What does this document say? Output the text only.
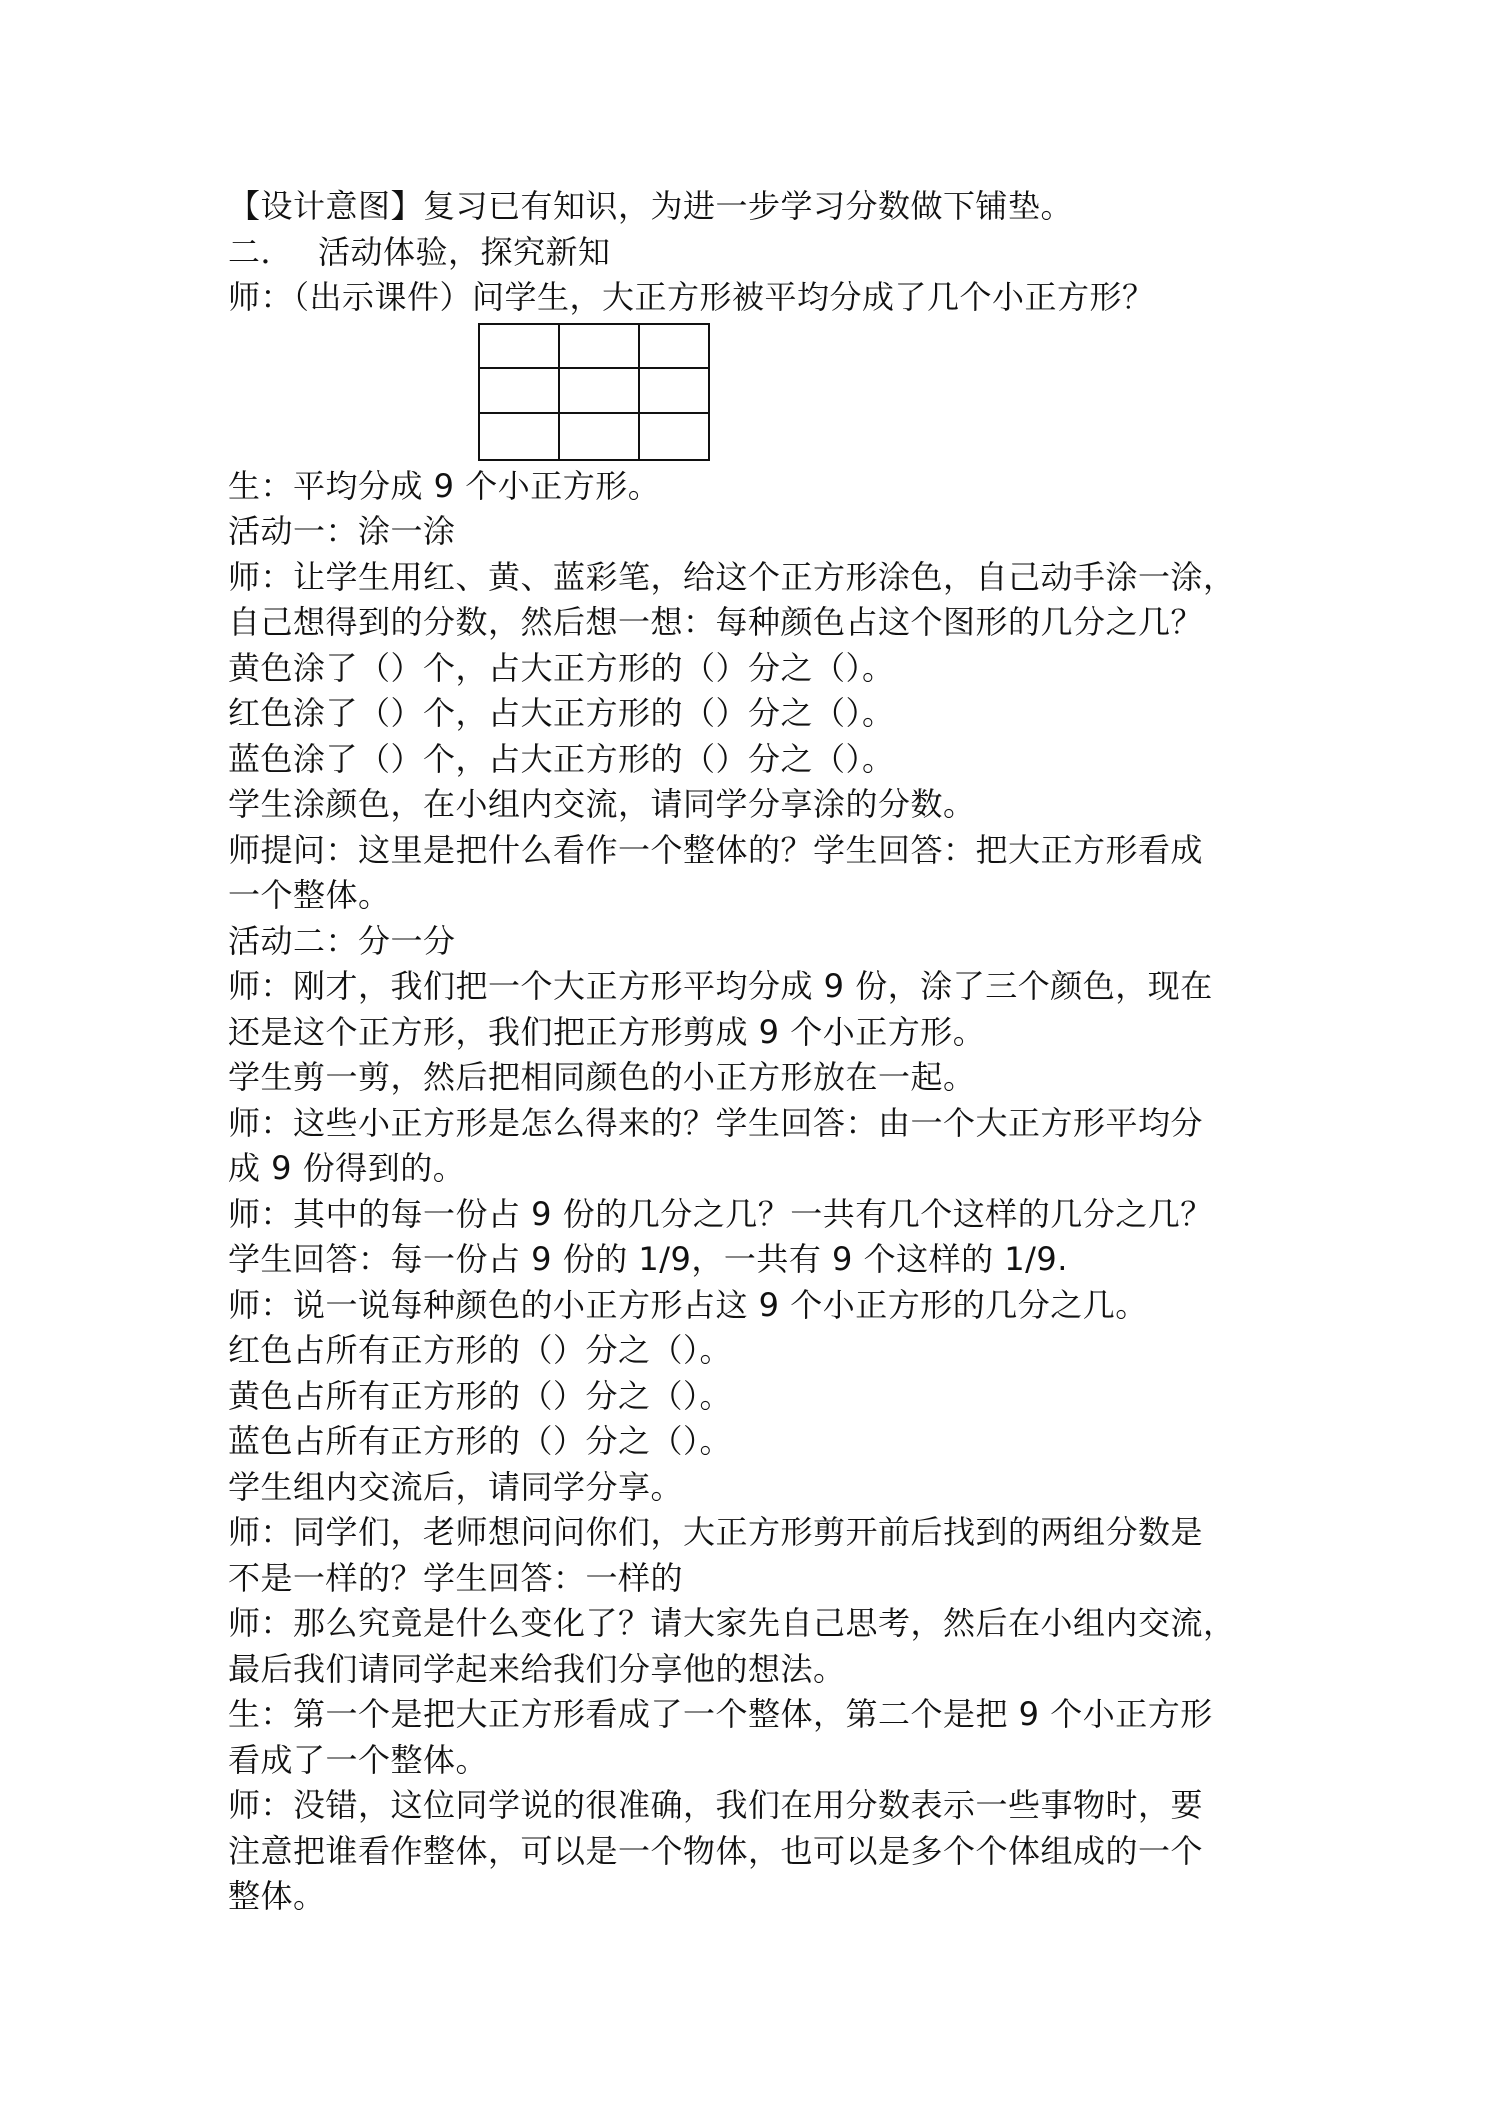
【设计意图】复习已有知识，为进一步学习分数做下铺垫。
二． 活动体验，探究新知
师：（出示课件）问学生，大正方形被平均分成了几个小正方形？
生：平均分成 9 个小正方形。
活动一：涂一涂
师：让学生用红、黄、蓝彩笔，给这个正方形涂色，自己动手涂一涂，
自己想得到的分数，然后想一想：每种颜色占这个图形的几分之几？
黄色涂了（）个，占大正方形的（）分之（）。
红色涂了（）个，占大正方形的（）分之（）。
蓝色涂了（）个，占大正方形的（）分之（）。
学生涂颜色，在小组内交流，请同学分享涂的分数。
师提问：这里是把什么看作一个整体的？学生回答：把大正方形看成
一个整体。
活动二：分一分
师：刚才，我们把一个大正方形平均分成 9 份，涂了三个颜色，现在
还是这个正方形，我们把正方形剪成 9 个小正方形。
学生剪一剪，然后把相同颜色的小正方形放在一起。
师：这些小正方形是怎么得来的？学生回答：由一个大正方形平均分
成 9 份得到的。
师：其中的每一份占 9 份的几分之几？一共有几个这样的几分之几？
学生回答：每一份占 9 份的 1/9，一共有 9 个这样的 1/9.
师：说一说每种颜色的小正方形占这 9 个小正方形的几分之几。
红色占所有正方形的（）分之（）。
黄色占所有正方形的（）分之（）。
蓝色占所有正方形的（）分之（）。
学生组内交流后，请同学分享。
师：同学们，老师想问问你们，大正方形剪开前后找到的两组分数是
不是一样的？学生回答：一样的
师：那么究竟是什么变化了？请大家先自己思考，然后在小组内交流，
最后我们请同学起来给我们分享他的想法。
生：第一个是把大正方形看成了一个整体，第二个是把 9 个小正方形
看成了一个整体。
师：没错，这位同学说的很准确，我们在用分数表示一些事物时，要
注意把谁看作整体，可以是一个物体，也可以是多个个体组成的一个
整体。
